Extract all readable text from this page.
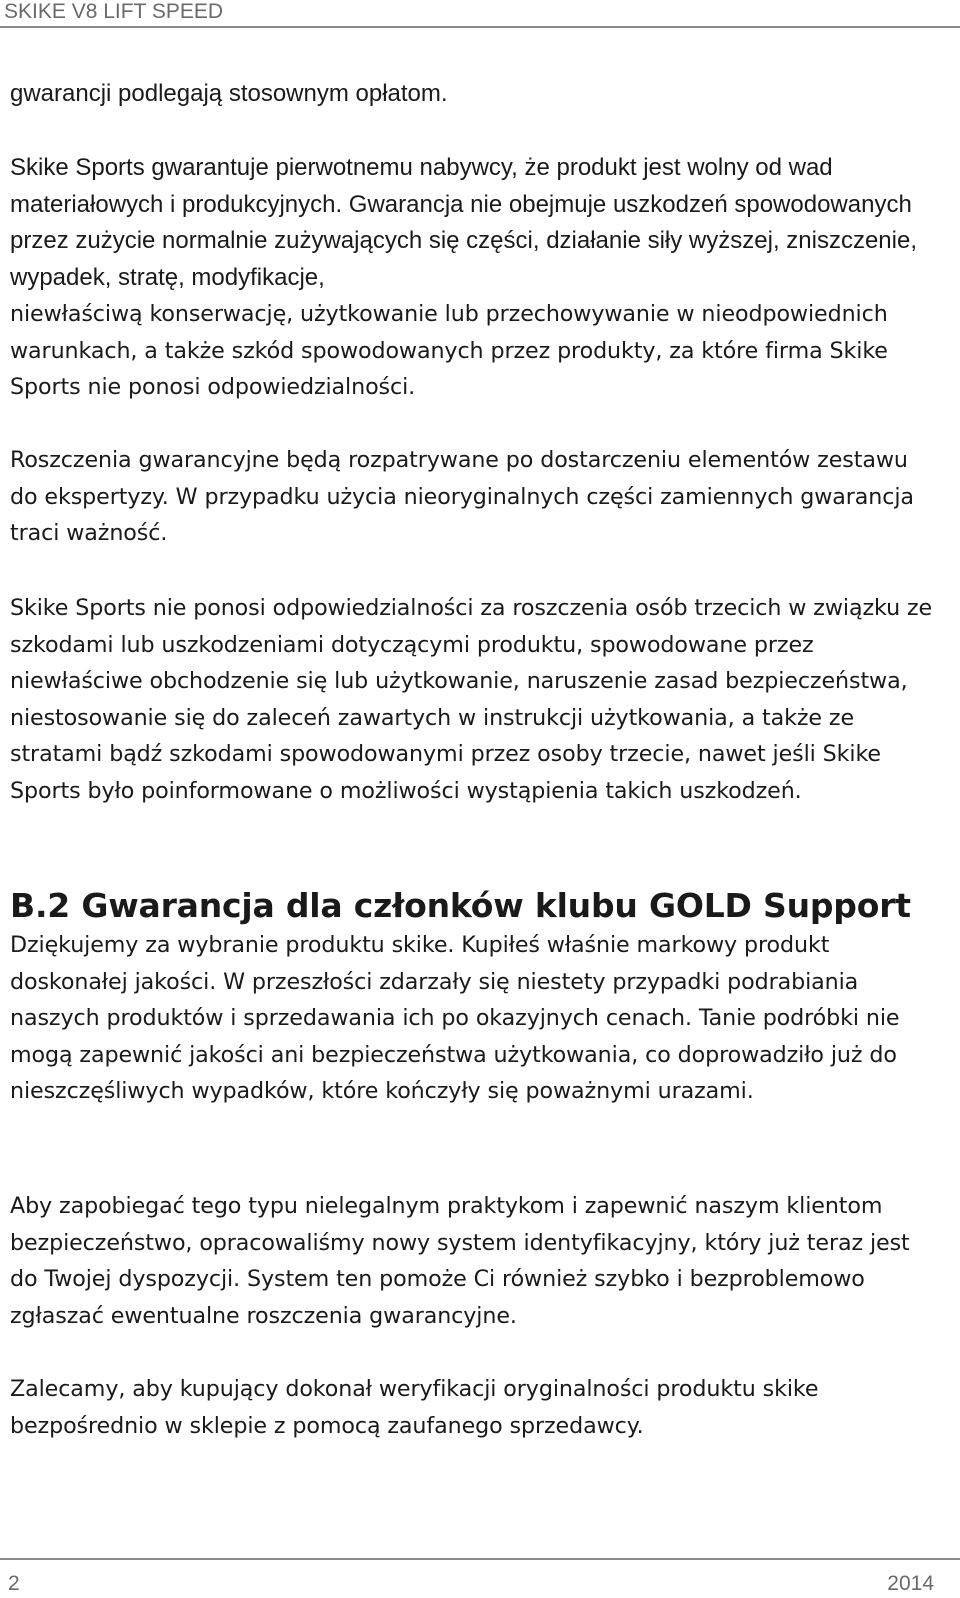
SKIKE V8 LIFT SPEED

gwarancji podlegają stosownym opłatom.

Skike Sports gwarantuje pierwotnemu nabywcy, że produkt jest wolny od wad materiałowych i produkcyjnych. Gwarancja nie obejmuje uszkodzeń spowodowanych przez zużycie normalnie zużywających się części, działanie siły wyższej, zniszczenie, wypadek, stratę, modyfikacje,

niewłaściwą konserwację, użytkowanie lub przechowywanie w nieodpowiednich warunkach, a także szkód spowodowanych przez produkty, za które firma Skike Sports nie ponosi odpowiedzialności.

Roszczenia gwarancyjne będą rozpatrywane po dostarczeniu elementów zestawu do ekspertyzy. W przypadku użycia nieoryginalnych części zamiennych gwarancja traci ważność.

Skike Sports nie ponosi odpowiedzialności za roszczenia osób trzecich w związku ze szkodami lub uszkodzeniami dotyczącymi produktu, spowodowane przez niewłaściwe obchodzenie się lub użytkowanie, naruszenie zasad bezpieczeństwa, niestosowanie się do zaleceń zawartych w instrukcji użytkowania, a także ze stratami bądź szkodami spowodowanymi przez osoby trzecie, nawet jeśli Skike Sports było poinformowane o możliwości wystąpienia takich uszkodzeń.

B.2 Gwarancja dla członków klubu GOLD Support

Dziękujemy za wybranie produktu skike. Kupiłeś właśnie markowy produkt doskonałej jakości. W przeszłości zdarzały się niestety przypadki podrabiania naszych produktów i sprzedawania ich po okazyjnych cenach. Tanie podróbki nie mogą zapewnić jakości ani bezpieczeństwa użytkowania, co doprowadziło już do nieszczęśliwych wypadków, które kończyły się poważnymi urazami.

Aby zapobiegać tego typu nielegalnym praktykom i zapewnić naszym klientom bezpieczeństwo, opracowaliśmy nowy system identyfikacyjny, który już teraz jest do Twojej dyspozycji. System ten pomoże Ci również szybko i bezproblemowo zgłaszać ewentualne roszczenia gwarancyjne.

Zalecamy, aby kupujący dokonał weryfikacji oryginalności produktu skike bezpośrednio w sklepie z pomocą zaufanego sprzedawcy.

2	2014
